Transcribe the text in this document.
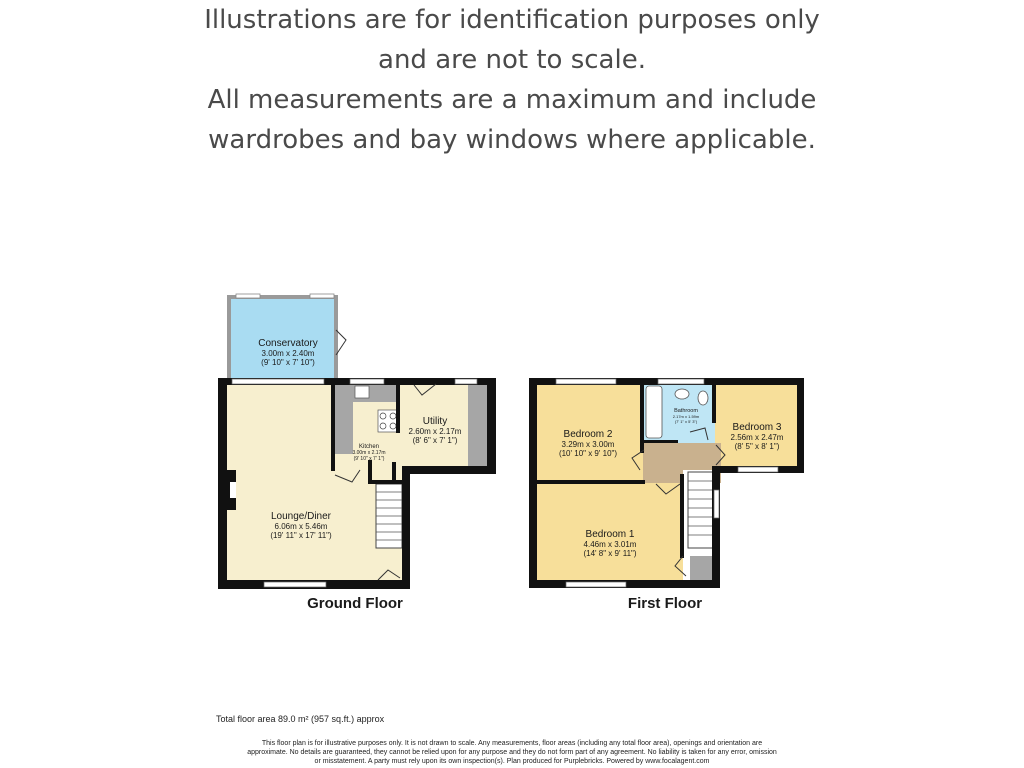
Illustrations are for identification purposes only
and are not to scale.
All measurements are a maximum and include
wardrobes and bay windows where applicable.
Conservatory
3.00m x 2.40m
(9' 10" x 7' 10")
Lounge/Diner
6.06m x 5.46m
(19' 11" x 17' 11")
Kitchen
3.00m x 2.17m
(9' 10" x 7' 1")
Utility
2.60m x 2.17m
(8' 6" x 7' 1")
Ground Floor
Bedroom 2
3.29m x 3.00m
(10' 10" x 9' 10")
Bathroom
2.17m x 1.59m
(7' 1" x 5' 3")
Bedroom 3
2.56m x 2.47m
(8' 5" x 8' 1")
Bedroom 1
4.46m x 3.01m
(14' 8" x 9' 11")
First Floor
Total floor area 89.0 m² (957 sq.ft.) approx
This floor plan is for illustrative purposes only. It is not drawn to scale. Any measurements, floor areas (including any total floor area), openings and orientation are
approximate. No details are guaranteed, they cannot be relied upon for any purpose and they do not form part of any agreement. No liability is taken for any error, omission
or misstatement. A party must rely upon its own inspection(s). Plan produced for Purplebricks. Powered by www.focalagent.com
